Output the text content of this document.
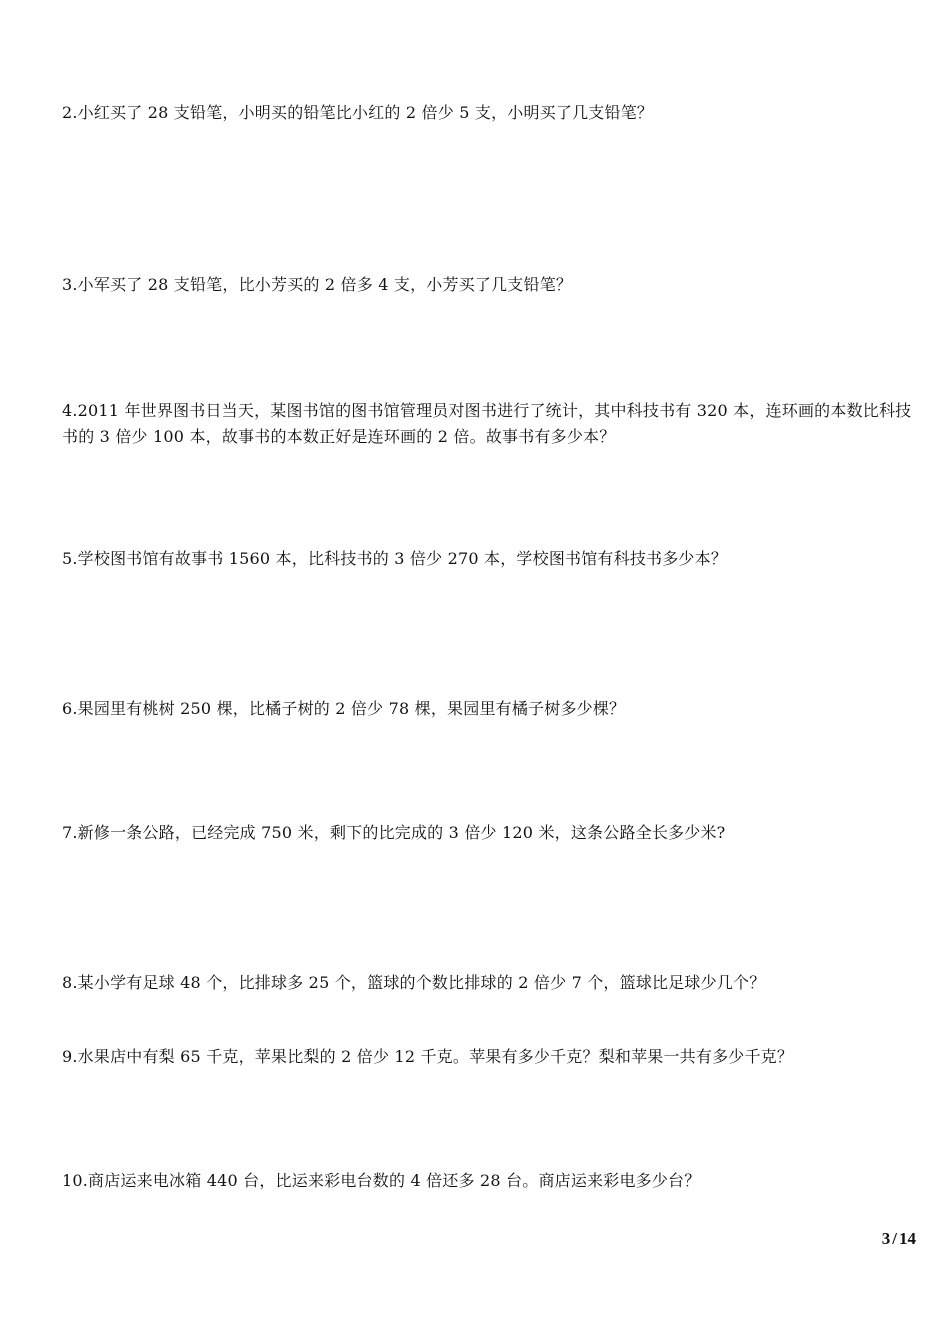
2.小红买了 28 支铅笔，小明买的铅笔比小红的 2 倍少 5 支，小明买了几支铅笔？
3.小军买了 28 支铅笔，比小芳买的 2 倍多 4 支，小芳买了几支铅笔？
4.2011 年世界图书日当天，某图书馆的图书馆管理员对图书进行了统计，其中科技书有 320 本，连环画的本数比科技书的 3 倍少 100 本，故事书的本数正好是连环画的 2 倍。故事书有多少本？
5.学校图书馆有故事书 1560 本，比科技书的 3 倍少 270 本，学校图书馆有科技书多少本？
6.果园里有桃树 250 棵，比橘子树的 2 倍少 78 棵，果园里有橘子树多少棵？
7.新修一条公路，已经完成 750 米，剩下的比完成的 3 倍少 120 米，这条公路全长多少米?
8.某小学有足球 48 个，比排球多 25 个，篮球的个数比排球的 2 倍少 7 个，篮球比足球少几个？
9.水果店中有梨 65 千克，苹果比梨的 2 倍少 12 千克。苹果有多少千克？梨和苹果一共有多少千克？
10.商店运来电冰箱 440 台，比运来彩电台数的 4 倍还多 28 台。商店运来彩电多少台？
3 / 14
